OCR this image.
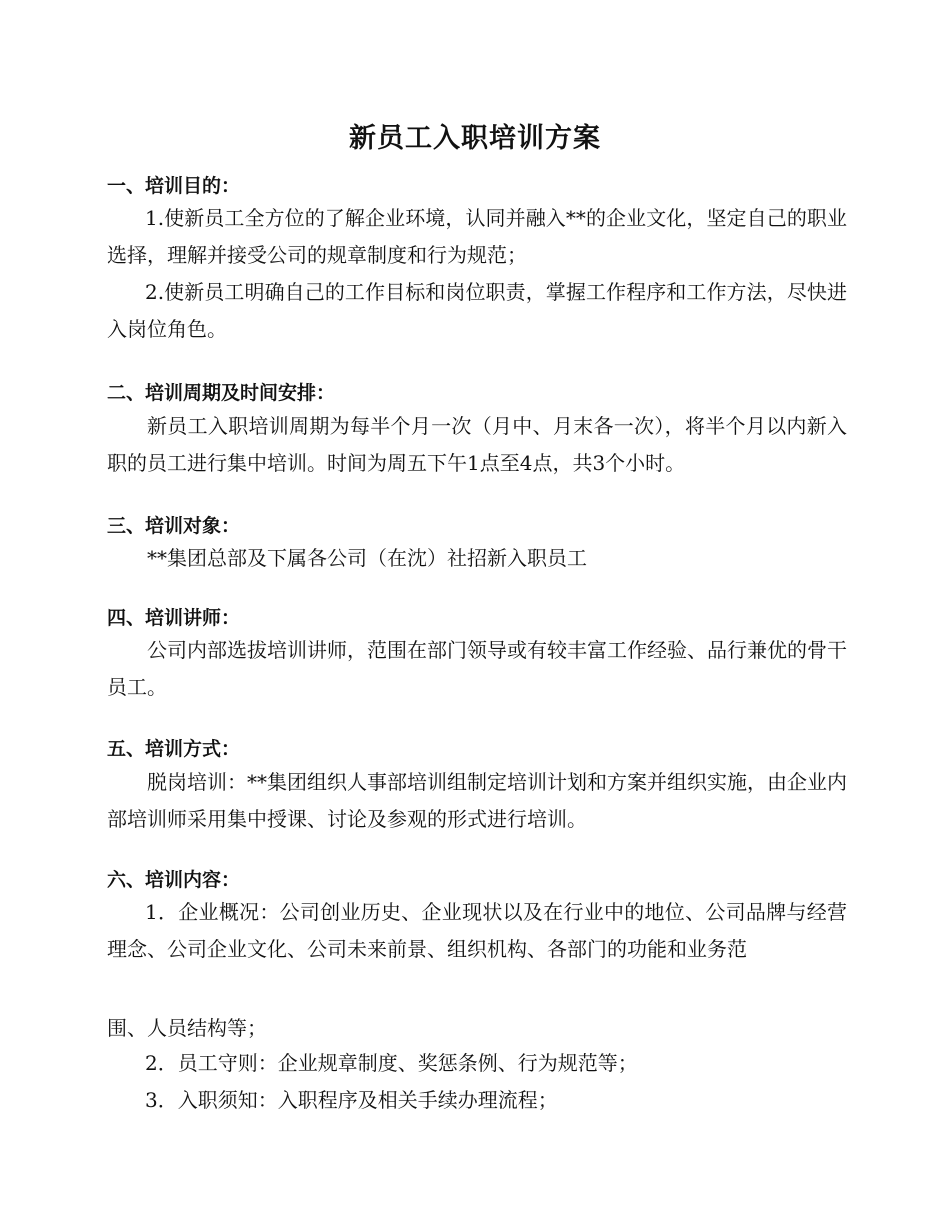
新员工入职培训方案
一、培训目的：
1.使新员工全方位的了解企业环境，认同并融入**的企业文化，坚定自己的职业选择，理解并接受公司的规章制度和行为规范；
2.使新员工明确自己的工作目标和岗位职责，掌握工作程序和工作方法，尽快进入岗位角色。
二、培训周期及时间安排：
新员工入职培训周期为每半个月一次（月中、月末各一次），将半个月以内新入职的员工进行集中培训。时间为周五下午1点至4点，共3个小时。
三、培训对象：
**集团总部及下属各公司（在沈）社招新入职员工
四、培训讲师：
公司内部选拔培训讲师，范围在部门领导或有较丰富工作经验、品行兼优的骨干员工。
五、培训方式：
脱岗培训：**集团组织人事部培训组制定培训计划和方案并组织实施，由企业内部培训师采用集中授课、讨论及参观的形式进行培训。
六、培训内容：
1．企业概况：公司创业历史、企业现状以及在行业中的地位、公司品牌与经营理念、公司企业文化、公司未来前景、组织机构、各部门的功能和业务范
围、人员结构等；
2．员工守则：企业规章制度、奖惩条例、行为规范等；
3．入职须知：入职程序及相关手续办理流程；
